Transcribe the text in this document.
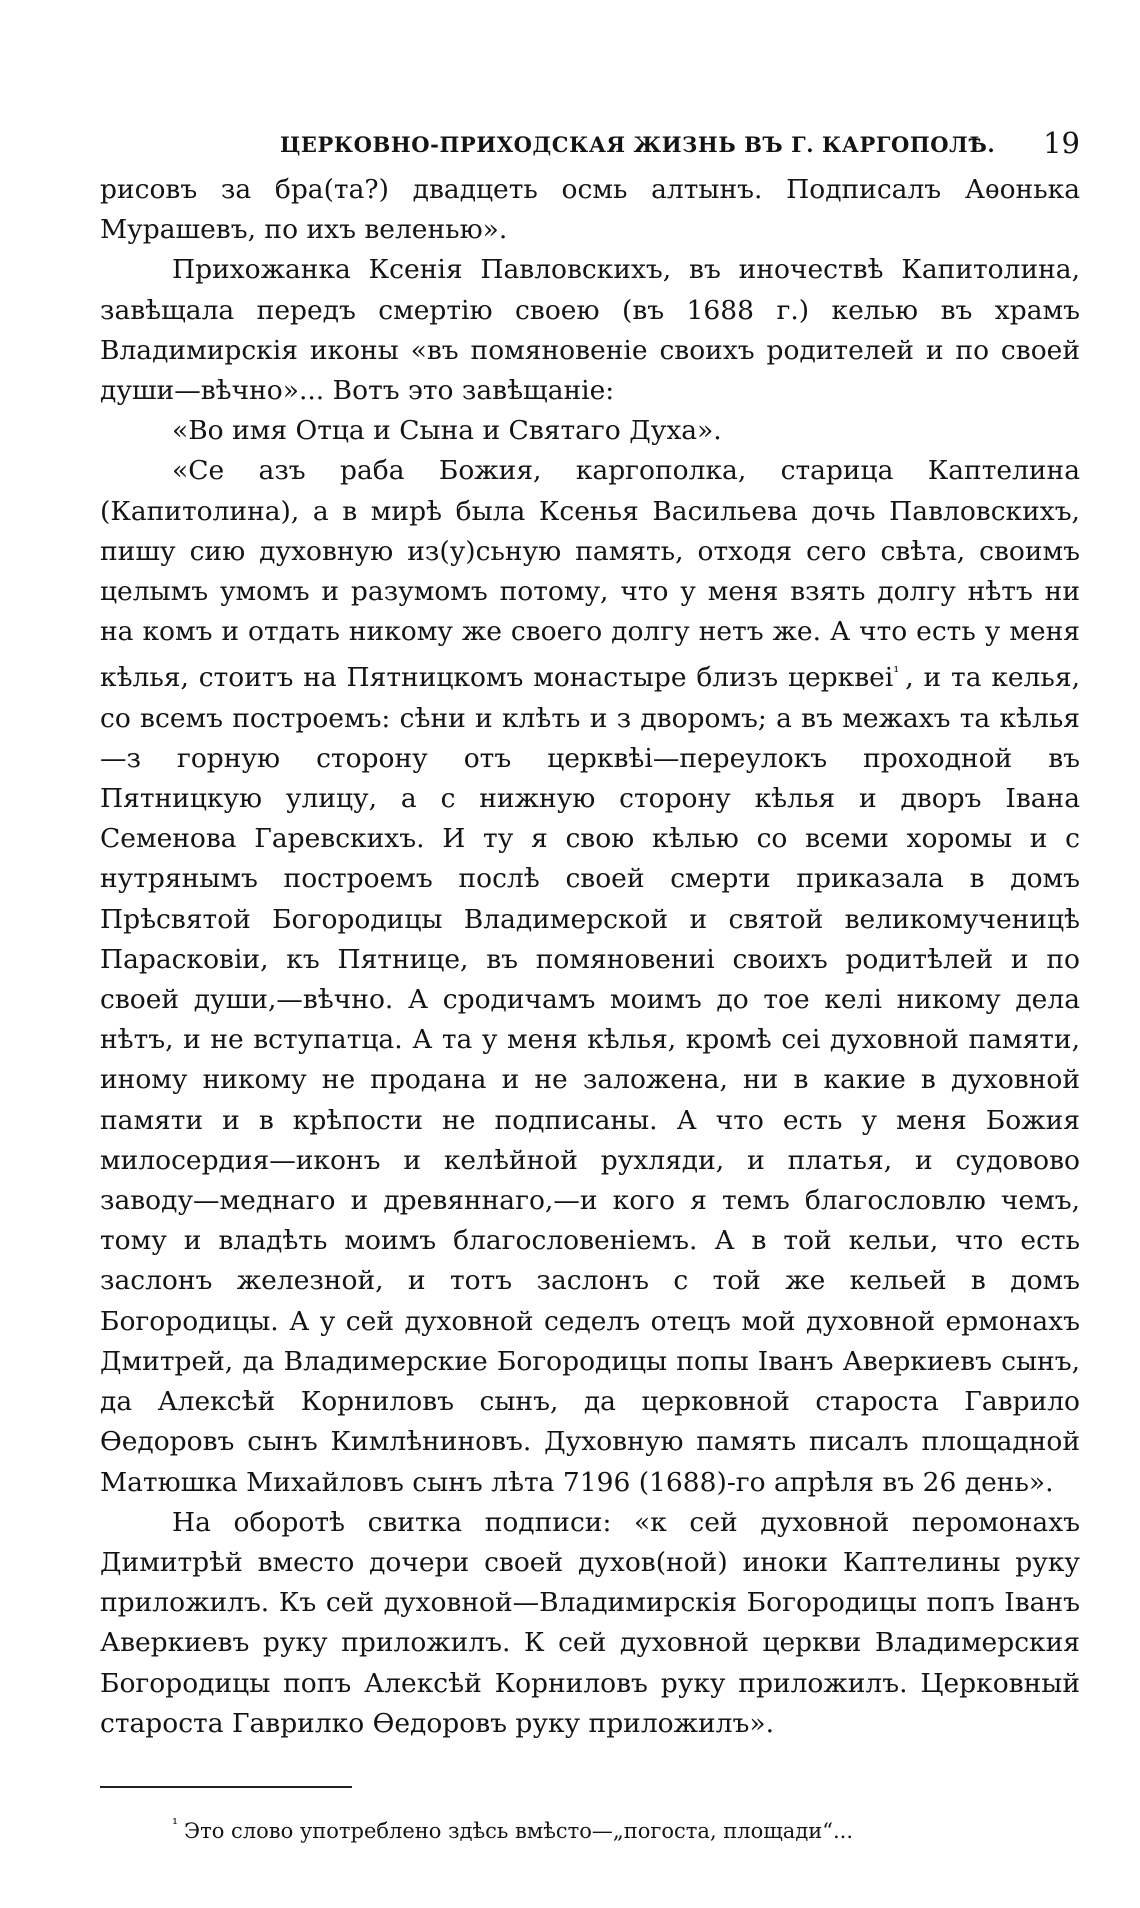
ЦЕРКОВНО-ПРИХОДСКАЯ ЖИЗНЬ ВЪ Г. КАРГОПОЛѢ. 19

рисовъ за бра(та?) двадцеть осмь алтынъ. Подписалъ Аѳонька Мурашевъ, по ихъ веленью».

Прихожанка Ксенія Павловскихъ, въ иночествѣ Капитолина, завѣщала передъ смертію своею (въ 1688 г.) келью въ храмъ Владимирскія иконы «въ помяновеніе своихъ родителей и по своей души—вѣчно»... Вотъ это завѣщаніе:

«Во имя Отца и Сына и Святаго Духа».

«Се азъ раба Божия, каргополка, старица Каптелина (Капитолина), а в мирѣ была Ксенья Васильева дочь Павловскихъ, пишу сию духовную из(у)сьную память, отходя сего свѣта, своимъ целымъ умомъ и разумомъ потому, что у меня взять долгу нѣтъ ни на комъ и отдать никому же своего долгу нетъ же. А что есть у меня кѣлья, стоитъ на Пятницкомъ монастыре близъ церквеі$^{^1}$ , и та келья, со всемъ построемъ: сѣни и клѣть и з дворомъ; а въ межахъ та кѣлья—з горную сторону отъ церквѣі—переулокъ проходной въ Пятницкую улицу, а с нижную сторону кѣлья и дворъ Івана Семенова Гаревскихъ. И ту я свою кѣлью со всеми хоромы и с нутрянымъ построемъ послѣ своей смерти приказала в домъ Прѣсвятой Богородицы Владимерской и святой великомученицѣ Парасковіи, къ Пятнице, въ помяновениі своихъ родитѣлей и по своей души,—вѣчно. А сродичамъ моимъ до тое келі никому дела нѣтъ, и не вступатца. А та у меня кѣлья, кромѣ сеі духовной памяти, иному никому не продана и не заложена, ни в какие в духовной памяти и в крѣпости не подписаны. А что есть у меня Божия милосердия—иконъ и келѣйной рухляди, и платья, и судовово заводу—меднаго и древяннаго,—и кого я темъ благословлю чемъ, тому и владѣть моимъ благословеніемъ. А в той кельи, что есть заслонъ железной, и тотъ заслонъ с той же кельей в домъ Богородицы. А у сей духовной седелъ отецъ мой духовной ермонахъ Дмитрей, да Владимерские Богородицы попы Іванъ Аверкиевъ сынъ, да Алексѣй Корниловъ сынъ, да церковной староста Гаврило Ѳедоровъ сынъ Кимлѣниновъ. Духовную память писалъ площадной Матюшка Михайловъ сынъ лѣта 7196 (1688)-го апрѣля въ 26 день».

На оборотѣ свитка подписи: «к сей духовной перомонахъ Димитрѣй вместо дочери своей духов(ной) иноки Каптелины руку приложилъ. Къ сей духовной—Владимирскія Богородицы попъ Іванъ Аверкиевъ руку приложилъ. К сей духовной церкви Владимерския Богородицы попъ Алексѣй Корниловъ руку приложилъ. Церковный староста Гаврилко Ѳедоровъ руку приложилъ».

$^{^1}$ Это слово употреблено здѣсь вмѣсто—„погоста, площади“...
